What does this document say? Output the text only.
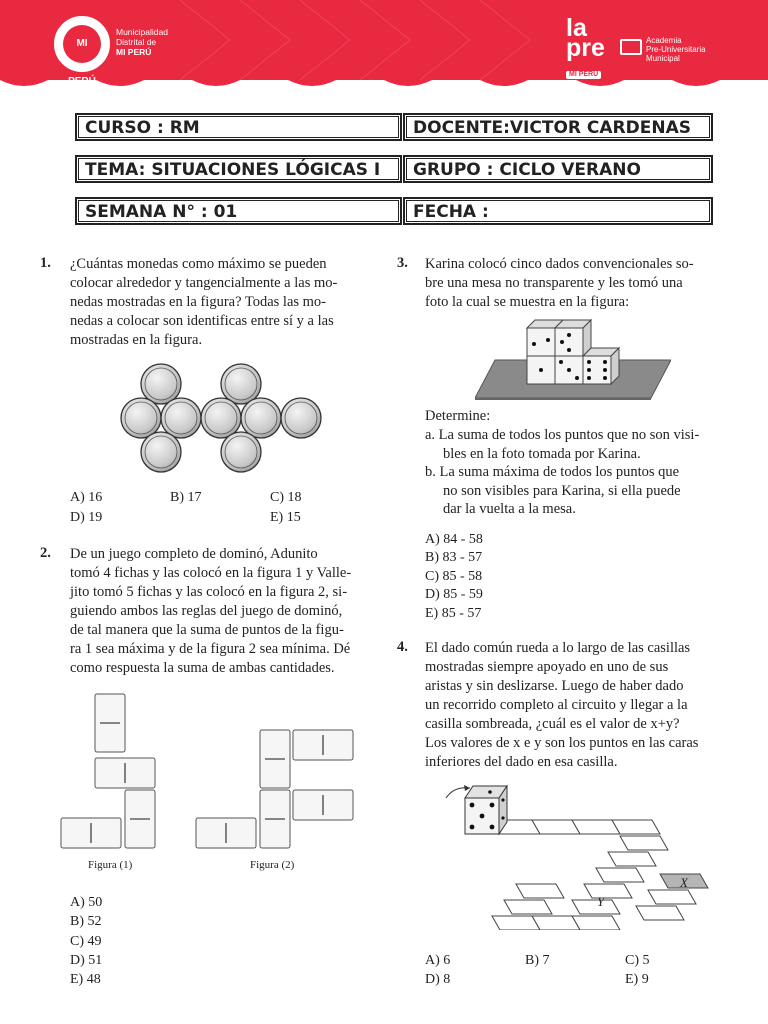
MI PERÚ
Municipalidad
Distrital de
MI PERÚ
la
pre
MI PERÚ
Academia
Pre-Universitaria
Municipal
CURSO : RM	DOCENTE:VICTOR CARDENAS
TEMA: SITUACIONES LÓGICAS I	GRUPO : CICLO VERANO
SEMANA N° : 01	FECHA :
1. ¿Cuántas monedas como máximo se pueden
colocar alrededor y tangencialmente a las mo-
nedas mostradas en la figura? Todas las mo-
nedas a colocar son identificas entre sí y a las
mostradas en la figura.
A) 16	B) 17	C) 18
D) 19	E) 15
2. De un juego completo de dominó, Adunito
tomó 4 fichas y las colocó en la figura 1 y Valle-
jito tomó 5 fichas y las colocó en la figura 2, si-
guiendo ambos las reglas del juego de dominó,
de tal manera que la suma de puntos de la figu-
ra 1 sea máxima y de la figura 2 sea mínima. Dé
como respuesta la suma de ambas cantidades.
Figura (1)	Figura (2)
A) 50
B) 52
C) 49
D) 51
E) 48
3. Karina colocó cinco dados convencionales so-
bre una mesa no transparente y les tomó una
foto la cual se muestra en la figura:
Determine:
a. La suma de todos los puntos que no son visi-
bles en la foto tomada por Karina.
b. La suma máxima de todos los puntos que
no son visibles para Karina, si ella puede
dar la vuelta a la mesa.
A) 84 - 58
B) 83 - 57
C) 85 - 58
D) 85 - 59
E) 85 - 57
4. El dado común rueda a lo largo de las casillas
mostradas siempre apoyado en uno de sus
aristas y sin deslizarse. Luego de haber dado
un recorrido completo al circuito y llegar a la
casilla sombreada, ¿cuál es el valor de x+y?
Los valores de x e y son los puntos en las caras
inferiores del dado en esa casilla.
X
Y
A) 6	B) 7	C) 5
D) 8	E) 9
